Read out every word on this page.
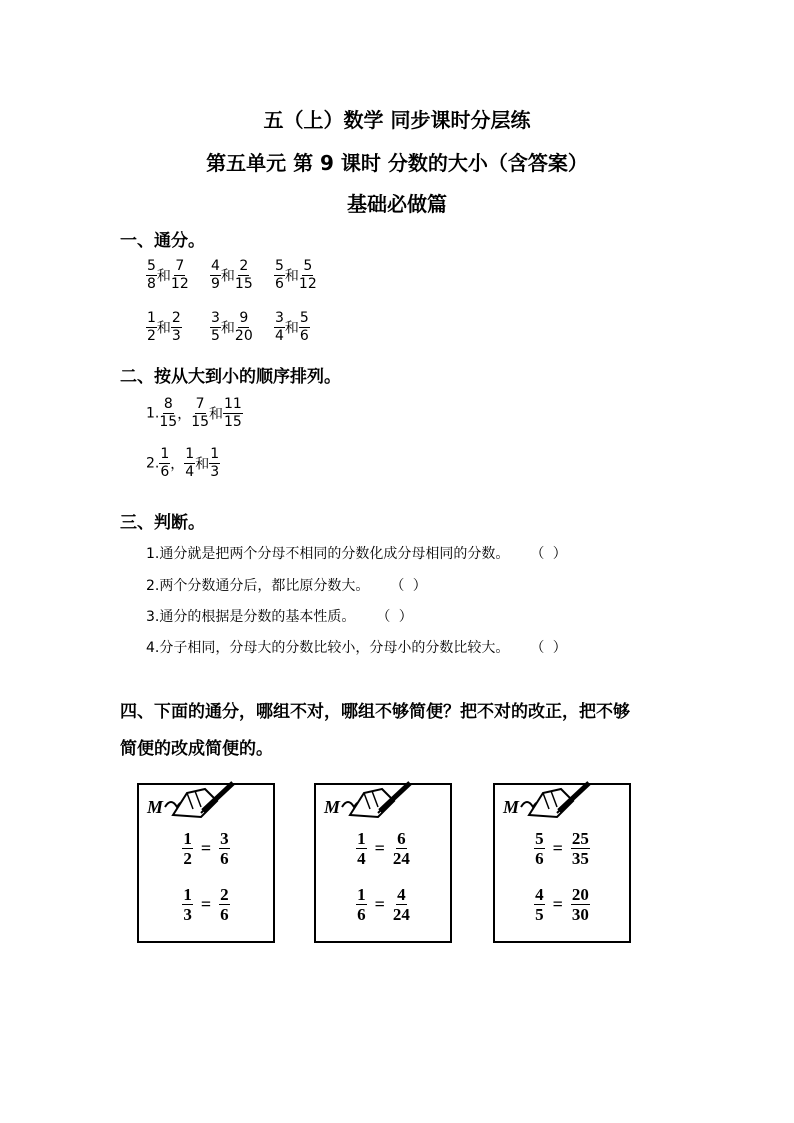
五（上）数学 同步课时分层练
第五单元 第 9 课时 分数的大小（含答案）
基础必做篇
一、通分。
$\frac{5}{8}$ 和 $\frac{7}{12} \frac{4}{9}$ 和 $\frac{2}{15} \frac{5}{6}$ 和 $\frac{5}{12}$
$\frac{1}{2}$ 和 $\frac{2}{3} \frac{3}{5}$ 和 $\frac{9}{20} \frac{3}{4}$ 和 $\frac{5}{6}$
二、按从大到小的顺序排列。
1. $\frac{8}{15}$ ， $\frac{7}{15}$ 和 $\frac{11}{15}$
2. $\frac{1}{6}$ ， $\frac{1}{4}$ 和 $\frac{1}{3}$
三、判断。
1.通分就是把两个分母不相同的分数化成分母相同的分数。 （ ）
2.两个分数通分后，都比原分数大。 （ ）
3.通分的根据是分数的基本性质。 （ ）
4.分子相同，分母大的分数比较小，分母小的分数比较大。 （ ）
四、下面的通分，哪组不对，哪组不够简便？把不对的改正，把不够
简便的改成简便的。
M
$\frac{1}{2} = \frac{3}{6}$
$\frac{1}{3} = \frac{2}{6}$
M
$\frac{1}{4} = \frac{6}{24}$
$\frac{1}{6} = \frac{4}{24}$
M
$\frac{5}{6} = \frac{25}{35}$
$\frac{4}{5} = \frac{20}{30}$
